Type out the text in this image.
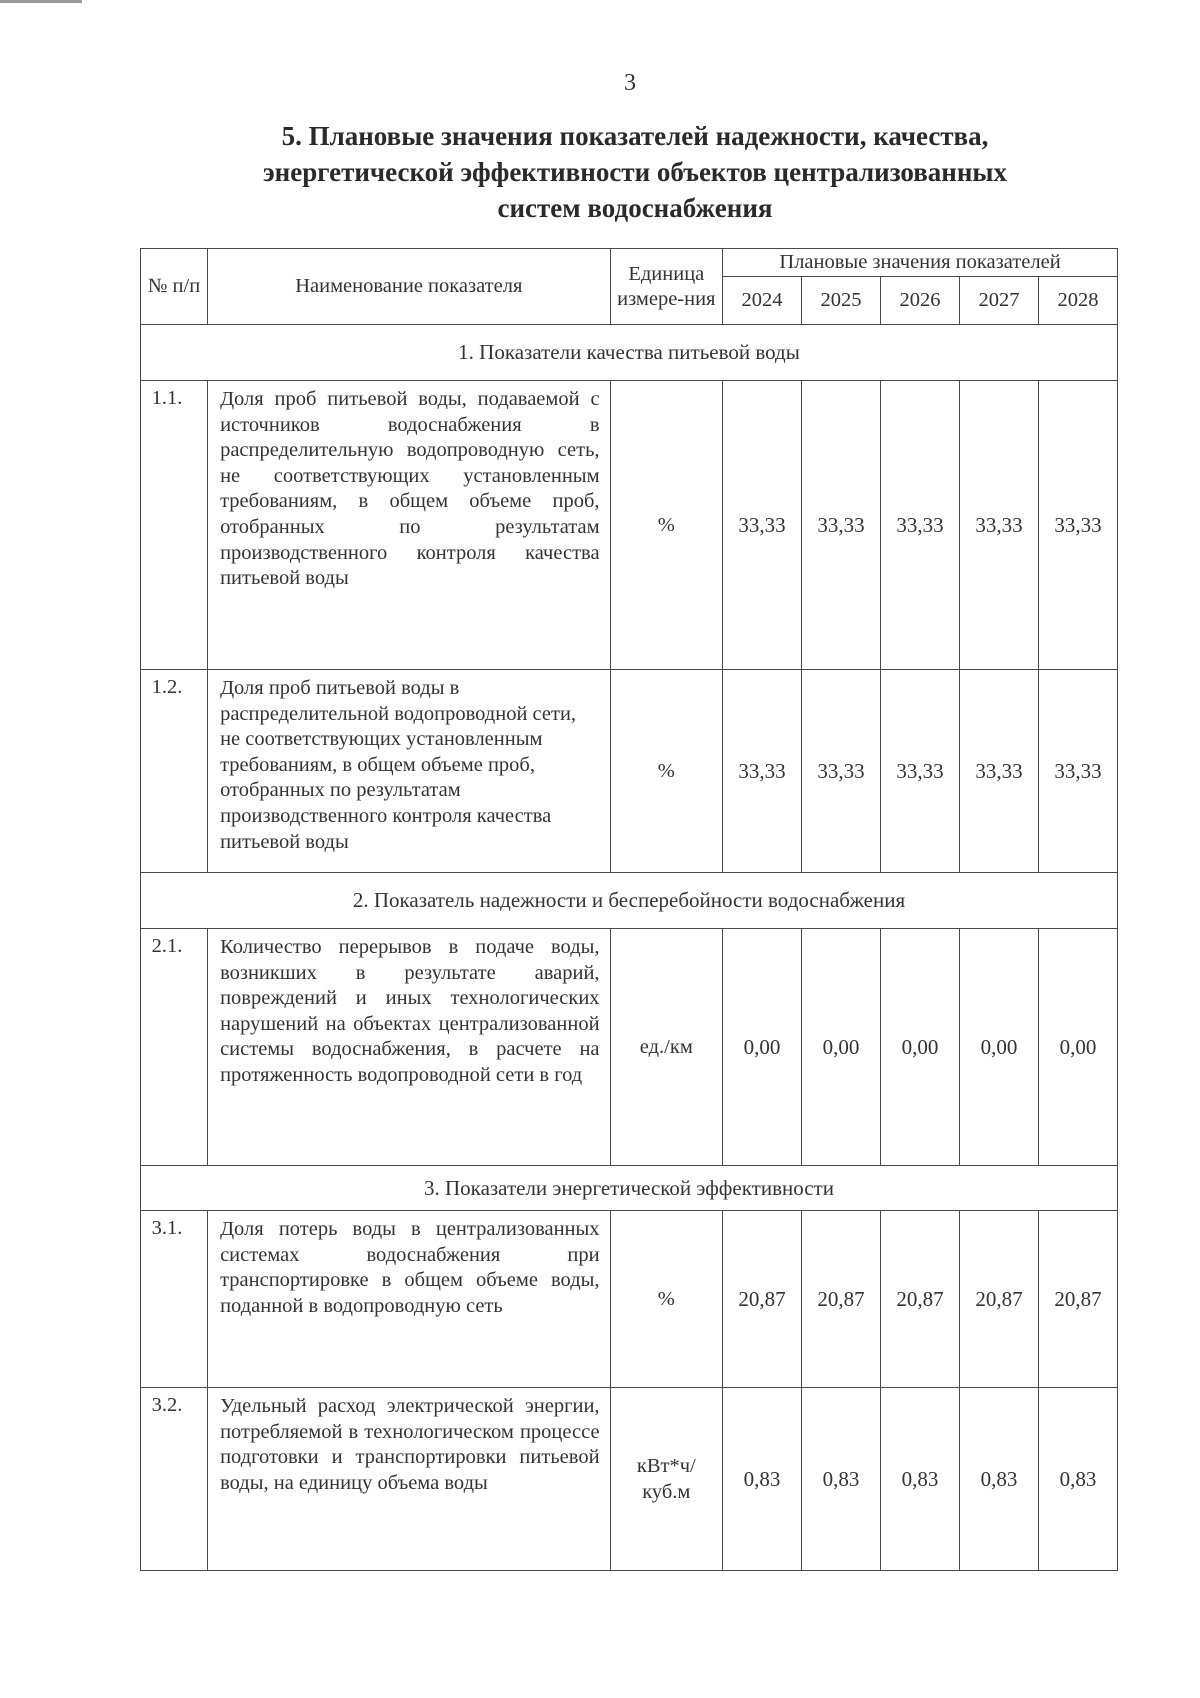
3
5. Плановые значения показателей надежности, качества,
энергетической эффективности объектов централизованных
систем водоснабжения
№ п/п	Наименование показателя	Единица измере-ния	Плановые значения показателей				
			2024	2025	2026	2027	2028
1. Показатели качества питьевой воды							
1.1.	Доля проб питьевой воды, подаваемой с источников водоснабжения в распределительную водопроводную сеть, не соответствующих установленным требованиям, в общем объеме проб, отобранных по результатам производственного контроля качества питьевой воды	%	33,33	33,33	33,33	33,33	33,33
1.2.	Доля проб питьевой воды в распределительной водопроводной сети, не соответствующих установленным требованиям, в общем объеме проб, отобранных по результатам производственного контроля качества питьевой воды	%	33,33	33,33	33,33	33,33	33,33
2. Показатель надежности и бесперебойности водоснабжения							
2.1.	Количество перерывов в подаче воды, возникших в результате аварий, повреждений и иных технологических нарушений на объектах централизованной системы водоснабжения, в расчете на протяженность водопроводной сети в год	ед./км	0,00	0,00	0,00	0,00	0,00
3. Показатели энергетической эффективности							
3.1.	Доля потерь воды в централизованных системах водоснабжения при транспортировке в общем объеме воды, поданной в водопроводную сеть	%	20,87	20,87	20,87	20,87	20,87
3.2.	Удельный расход электрической энергии, потребляемой в технологическом процессе подготовки и транспортировки питьевой воды, на единицу объема воды	кВт*ч/
куб.м	0,83	0,83	0,83	0,83	0,83
